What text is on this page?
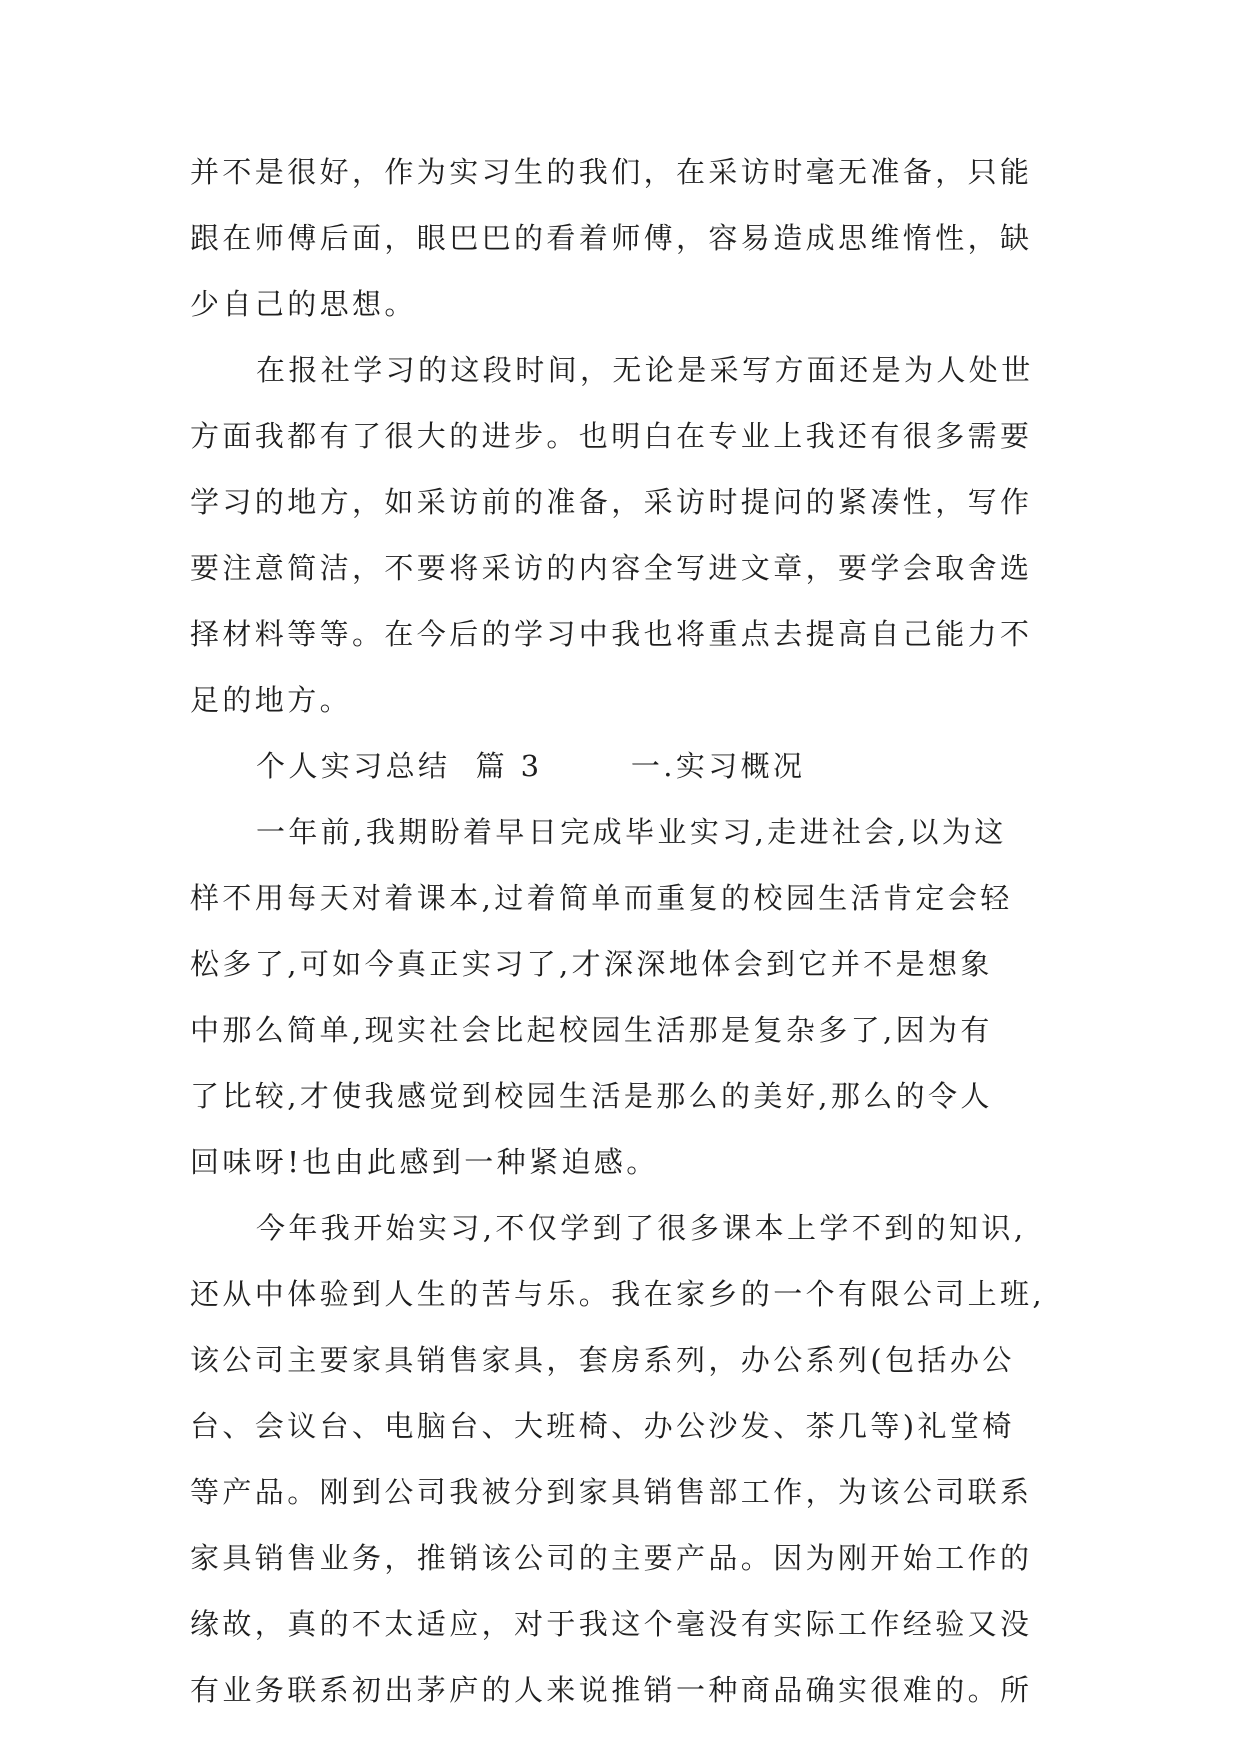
并不是很好，作为实习生的我们，在采访时毫无准备，只能
跟在师傅后面，眼巴巴的看着师傅，容易造成思维惰性，缺
少自己的思想。
在报社学习的这段时间，无论是采写方面还是为人处世
方面我都有了很大的进步。也明白在专业上我还有很多需要
学习的地方，如采访前的准备，采访时提问的紧凑性，写作
要注意简洁，不要将采访的内容全写进文章，要学会取舍选
择材料等等。在今后的学习中我也将重点去提高自己能力不
足的地方。
个人实习总结  篇 3       一.实习概况
一年前,我期盼着早日完成毕业实习,走进社会,以为这
样不用每天对着课本,过着简单而重复的校园生活肯定会轻
松多了,可如今真正实习了,才深深地体会到它并不是想象
中那么简单,现实社会比起校园生活那是复杂多了,因为有
了比较,才使我感觉到校园生活是那么的美好,那么的令人
回味呀!也由此感到一种紧迫感。
今年我开始实习,不仅学到了很多课本上学不到的知识,
还从中体验到人生的苦与乐。我在家乡的一个有限公司上班,
该公司主要家具销售家具，套房系列，办公系列(包括办公
台、会议台、电脑台、大班椅、办公沙发、茶几等)礼堂椅
等产品。刚到公司我被分到家具销售部工作，为该公司联系
家具销售业务，推销该公司的主要产品。因为刚开始工作的
缘故，真的不太适应，对于我这个毫没有实际工作经验又没
有业务联系初出茅庐的人来说推销一种商品确实很难的。所
